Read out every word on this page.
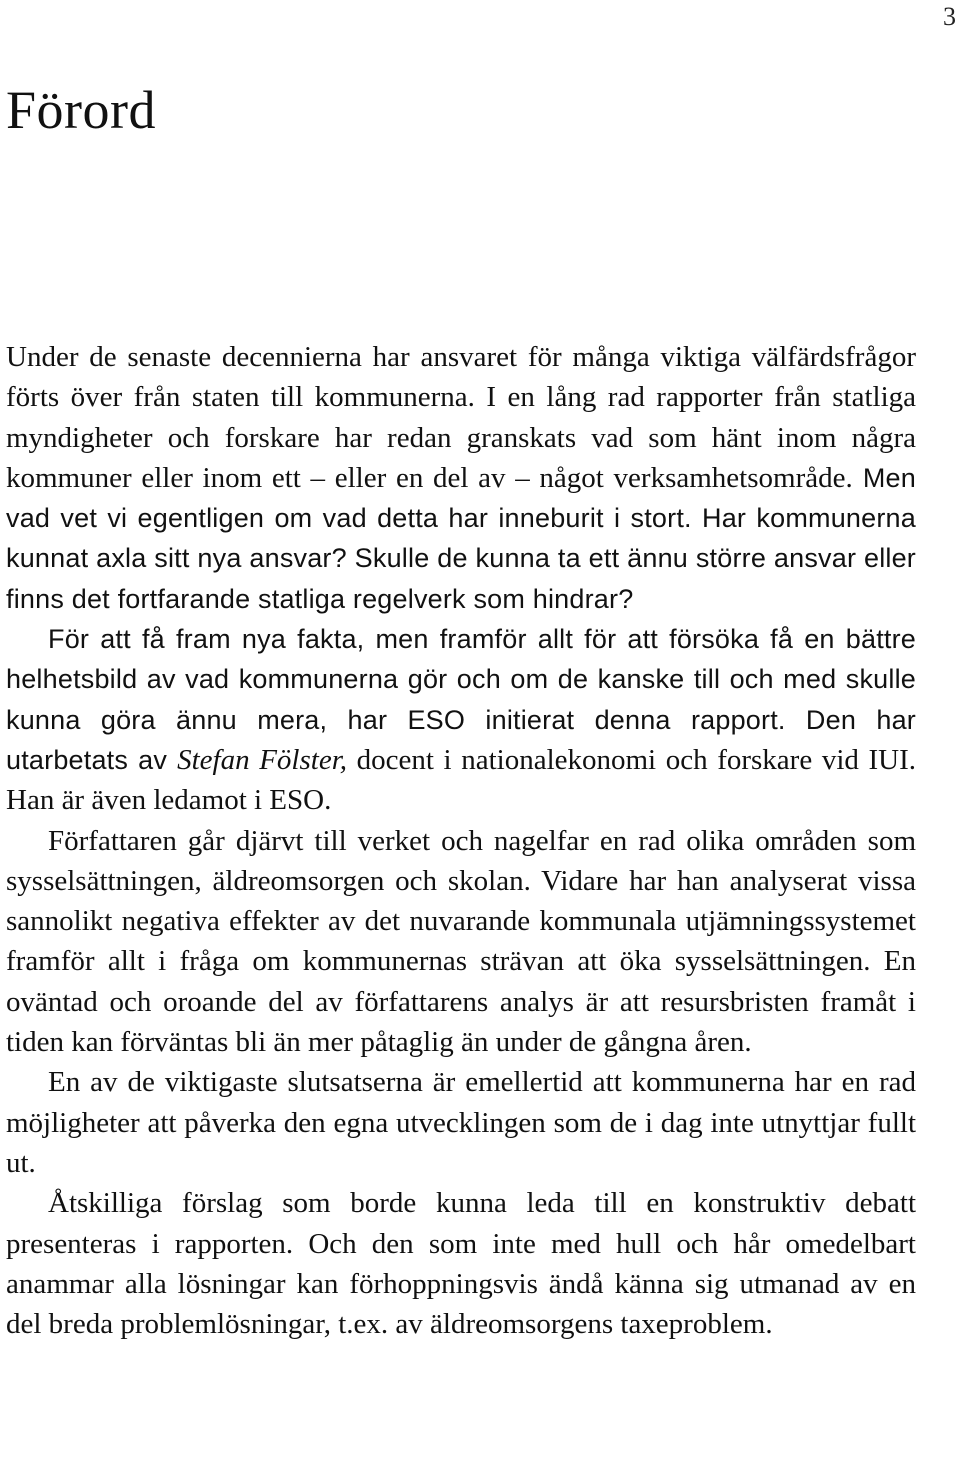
3
Förord

Under de senaste decennierna har ansvaret för många viktiga välfärdsfrågor förts över från staten till kommunerna. I en lång rad rapporter från statliga myndigheter och forskare har redan granskats vad som hänt inom några kommuner eller inom ett – eller en del av – något verksamhetsområde. Men vad vet vi egentligen om vad detta har inneburit i stort. Har kommunerna kunnat axla sitt nya ansvar? Skulle de kunna ta ett ännu större ansvar eller finns det fortfarande statliga regelverk som hindrar?

För att få fram nya fakta, men framför allt för att försöka få en bättre helhetsbild av vad kommunerna gör och om de kanske till och med skulle kunna göra ännu mera, har ESO initierat denna rapport. Den har utarbetats av Stefan Fölster, docent i nationalekonomi och forskare vid IUI. Han är även ledamot i ESO.

Författaren går djärvt till verket och nagelfar en rad olika områden som sysselsättningen, äldreomsorgen och skolan. Vidare har han analyserat vissa sannolikt negativa effekter av det nuvarande kommunala utjämningssystemet framför allt i fråga om kommunernas strävan att öka sysselsättningen. En oväntad och oroande del av författarens analys är att resursbristen framåt i tiden kan förväntas bli än mer påtaglig än under de gångna åren.

En av de viktigaste slutsatserna är emellertid att kommunerna har en rad möjligheter att påverka den egna utvecklingen som de i dag inte utnyttjar fullt ut.

Åtskilliga förslag som borde kunna leda till en konstruktiv debatt presenteras i rapporten. Och den som inte med hull och hår omedelbart anammar alla lösningar kan förhoppningsvis ändå känna sig utmanad av en del breda problemlösningar, t.ex. av äldreomsorgens taxeproblem.
